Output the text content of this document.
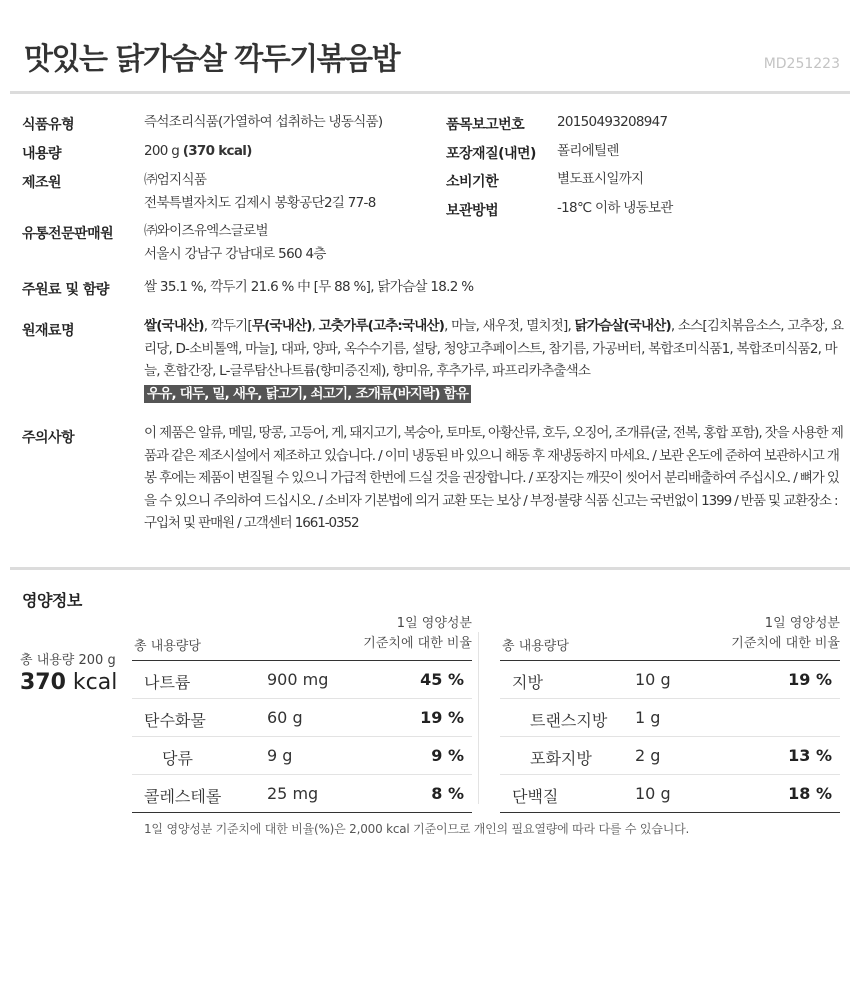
맛있는 닭가슴살 깍두기볶음밥	MD251223
식품유형	즉석조리식품(가열하여 섭취하는 냉동식품)
내용량	200 g (370 kcal)
제조원	㈜엄지식품
전북특별자치도 김제시 봉황공단2길 77-8
유통전문판매원 ㈜와이즈유엑스글로벌
서울시 강남구 강남대로 560 4층
품목보고번호 20150493208947
포장재질(내면) 폴리에틸렌
소비기한	별도표시일까지
보관방법	-18℃ 이하 냉동보관
주원료 및 함량	쌀 35.1 %, 깍두기 21.6 % 中 [무 88 %], 닭가슴살 18.2 %
원재료명	쌀(국내산), 깍두기[무(국내산), 고춧가루(고추:국내산), 마늘, 새우젓, 멸치젓], 닭가슴살(국내산), 소스[김치볶음소스, 고추장, 요리당, D-소비톨액, 마늘], 대파, 양파, 옥수수기름, 설탕, 청양고추페이스트, 참기름, 가공버터, 복합조미식품1, 복합조미식품2, 마늘, 혼합간장, L-글루탐산나트륨(향미증진제), 향미유, 후추가루, 파프리카추출색소
우유, 대두, 밀, 새우, 닭고기, 쇠고기, 조개류(바지락) 함유
주의사항	이 제품은 알류, 메밀, 땅콩, 고등어, 게, 돼지고기, 복숭아, 토마토, 아황산류, 호두, 오징어, 조개류(굴, 전복, 홍합 포함), 잣을 사용한 제품과 같은 제조시설에서 제조하고 있습니다. / 이미 냉동된 바 있으니 해동 후 재냉동하지 마세요. / 보관 온도에 준하여 보관하시고 개봉 후에는 제품이 변질될 수 있으니 가급적 한번에 드실 것을 권장합니다. / 포장지는 깨끗이 씻어서 분리배출하여 주십시오. / 뼈가 있을 수 있으니 주의하여 드십시오. / 소비자 기본법에 의거 교환 또는 보상 / 부정·불량 식품 신고는 국번없이 1399 / 반품 및 교환장소 : 구입처 및 판매원 / 고객센터 1661-0352
영양정보
총 내용량 200 g
370 kcal
총 내용량당
1일 영양성분
기준치에 대한 비율
나트륨	900 mg	45 %
탄수화물	60 g	19 %
당류	9 g	9 %
콜레스테롤	25 mg	8 %
총 내용량당
1일 영양성분
기준치에 대한 비율
지방	10 g	19 %
트랜스지방 1 g
포화지방	2 g	13 %
단백질	10 g	18 %
1일 영양성분 기준치에 대한 비율(%)은 2,000 kcal 기준이므로 개인의 필요열량에 따라 다를 수 있습니다.
